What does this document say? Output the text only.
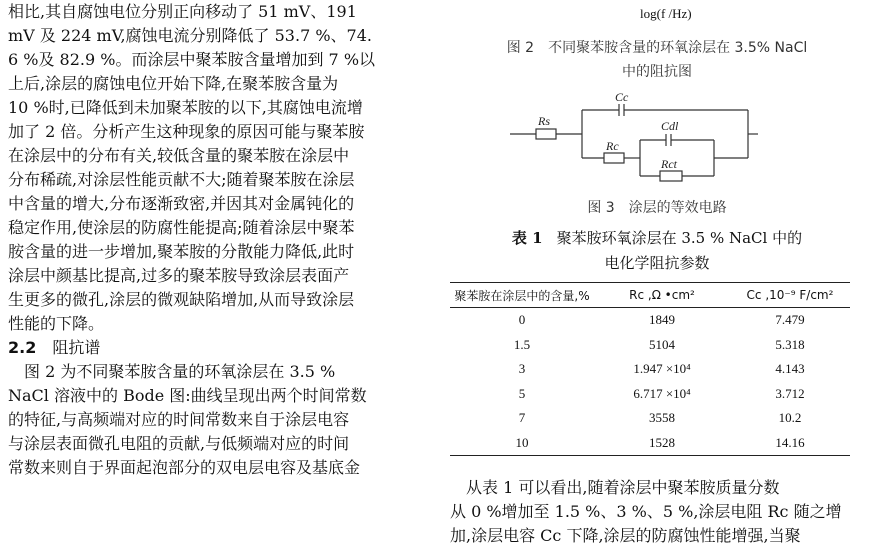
相比,其自腐蚀电位分别正向移动了 51 mV、191

mV 及 224 mV,腐蚀电流分别降低了 53.7 %、74.

6 %及 82.9 %。而涂层中聚苯胺含量增加到 7 %以

上后,涂层的腐蚀电位开始下降,在聚苯胺含量为

10 %时,已降低到未加聚苯胺的以下,其腐蚀电流增

加了 2 倍。分析产生这种现象的原因可能与聚苯胺

在涂层中的分布有关,较低含量的聚苯胺在涂层中

分布稀疏,对涂层性能贡献不大;随着聚苯胺在涂层

中含量的增大,分布逐渐致密,并因其对金属钝化的

稳定作用,使涂层的防腐性能提高;随着涂层中聚苯

胺含量的进一步增加,聚苯胺的分散能力降低,此时

涂层中颜基比提高,过多的聚苯胺导致涂层表面产

生更多的微孔,涂层的微观缺陷增加,从而导致涂层

性能的下降。

2.2 阻抗谱

　图 2 为不同聚苯胺含量的环氧涂层在 3.5 %

NaCl 溶液中的 Bode 图:曲线呈现出两个时间常数

的特征,与高频端对应的时间常数来自于涂层电容

与涂层表面微孔电阻的贡献,与低频端对应的时间

常数来则自于界面起泡部分的双电层电容及基底金

log(f /Hz)
图 2　不同聚苯胺含量的环氧涂层在 3.5% NaCl
中的阻抗图
Rs
Cc
Rc
Cdl
Rct
图 3　涂层的等效电路
表 1 聚苯胺环氧涂层在 3.5 % NaCl 中的
电化学阻抗参数
聚苯胺在涂层中的含量,%	Rc ,Ω •cm²	Cc ,10⁻⁹ F/cm²
0	1849	7.479
1.5	5104	5.318
3	1.947 ×10⁴	4.143
5	6.717 ×10⁴	3.712
7	3558	10.2
10	1528	14.16

　从表 1 可以看出,随着涂层中聚苯胺质量分数

从 0 %增加至 1.5 %、3 %、5 %,涂层电阻 Rc 随之增

加,涂层电容 Cc 下降,涂层的防腐蚀性能增强,当聚
